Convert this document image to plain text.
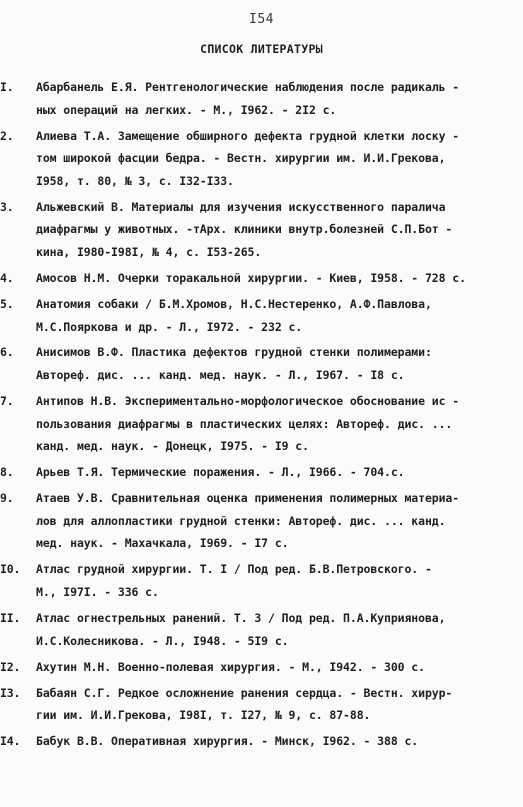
I54
СПИСОК ЛИТЕРАТУРЫ
I.	Абарбанель Е.Я. Рентгенологические наблюдения после радикаль -
ных операций на легких. - М., I962. - 2I2 с.
2.	Алиева Т.А. Замещение обширного дефекта грудной клетки лоску -
том широкой фасции бедра. - Вестн. хирургии им. И.И.Грекова,
I958, т. 80, № 3, с. I32-I33.
3.	Альжевский В. Материалы для изучения искусственного паралича
диафрагмы у животных. -тАрх. клиники внутр.болезней С.П.Бот -
кина, I980-I98I, № 4, с. I53-265.
4.	Амосов Н.М. Очерки торакальной хирургии. - Киев, I958. - 728 с.
5.	Анатомия собаки / Б.М.Хромов, Н.С.Нестеренко, А.Ф.Павлова,
М.С.Пояркова и др. - Л., I972. - 232 с.
6.	Анисимов В.Ф. Пластика дефектов грудной стенки полимерами:
Автореф. дис. ... канд. мед. наук. - Л., I967. - I8 с.
7.	Антипов Н.В. Экспериментально-морфологическое обоснование ис -
пользования диафрагмы в пластических целях: Автореф. дис. ...
канд. мед. наук. - Донецк, I975. - I9 с.
8.	Арьев Т.Я. Термические поражения. - Л., I966. - 704.с.
9.	Атаев У.В. Сравнительная оценка применения полимерных материа-
лов для аллопластики грудной стенки: Автореф. дис. ... канд.
мед. наук. - Махачкала, I969. - I7 с.
I0.	Атлас грудной хирургии. Т. I / Под ред. Б.В.Петровского. -
М., I97I. - 336 с.
II.	Атлас огнестрельных ранений. Т. 3 / Под ред. П.А.Куприянова,
И.С.Колесникова. - Л., I948. - 5I9 с.
I2.	Ахутин М.Н. Военно-полевая хирургия. - М., I942. - 300 с.
I3.	Бабаян С.Г. Редкое осложнение ранения сердца. - Вестн. хирур-
гии им. И.И.Грекова, I98I, т. I27, № 9, с. 87-88.
I4.	Бабук В.В. Оперативная хирургия. - Минск, I962. - 388 с.
